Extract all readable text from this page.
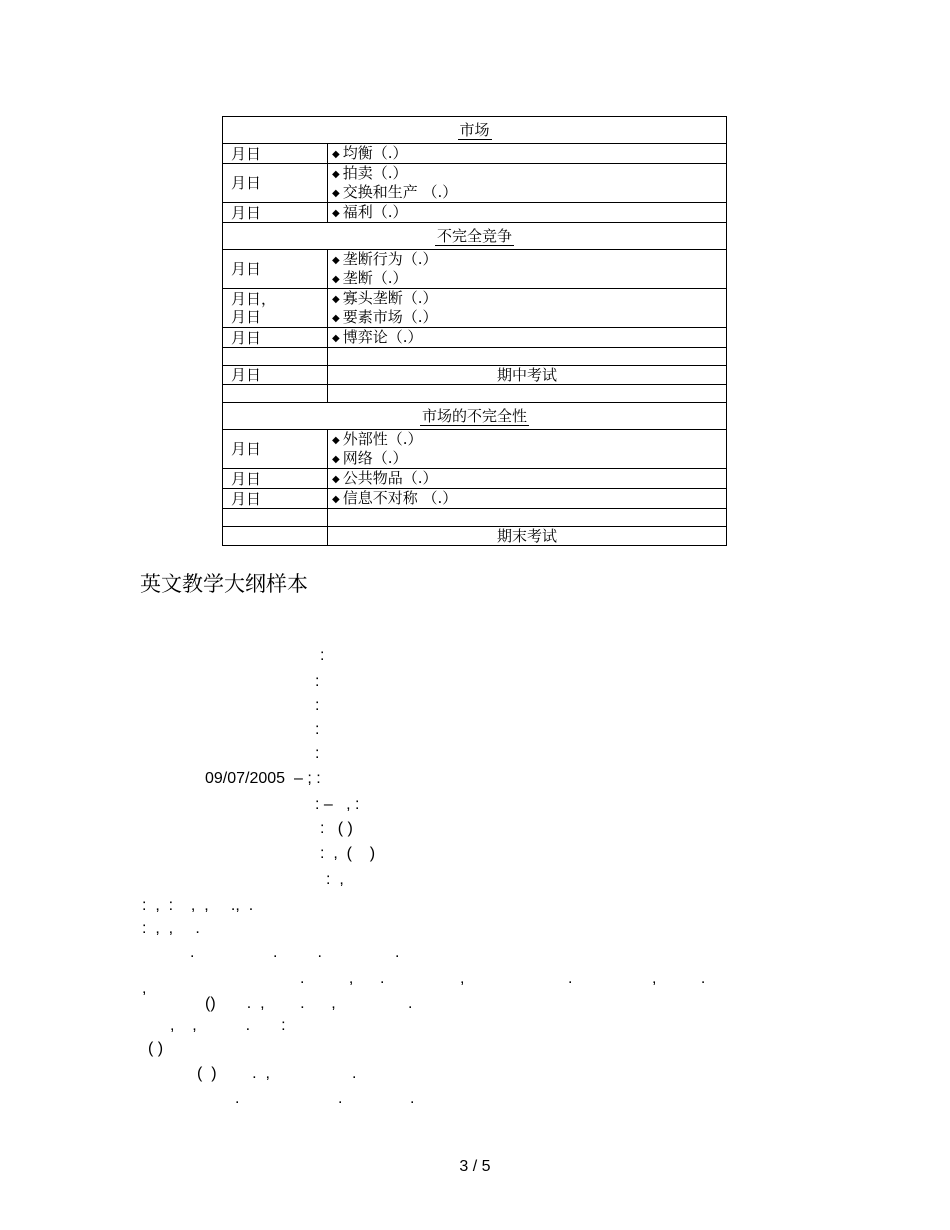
市场	
月日	◆ 均衡（.）

月日	◆ 拍卖（.）
◆ 交换和生产 （.）

月日	◆ 福利（.）

不完全竞争	
月日	◆ 垄断行为（.）
◆ 垄断（.）

月日，
月日	◆ 寡头垄断（.）
◆ 要素市场（.）

月日	◆ 博弈论（.）

月日	期中考试

市场的不完全性	
月日	◆ 外部性（.）
◆ 网络（.）

月日	◆ 公共物品（.）

月日	◆ 信息不对称 （.）

	期末考试
英文教学大纲样本
:
:
:
:
:
09/07/2005  – ; :
: –   , :
:   ( )
:  ,  (    )
:  ,
:  ,  :    ,  ,     .,  .
:  ,  ,     .
.	.         .	.
.          ,      .	,	.	,          .
,
()       .  ,        .      ,	.
,    ,           .       :
( )
(  )        .  ,	.
.	.	.
3 / 5
